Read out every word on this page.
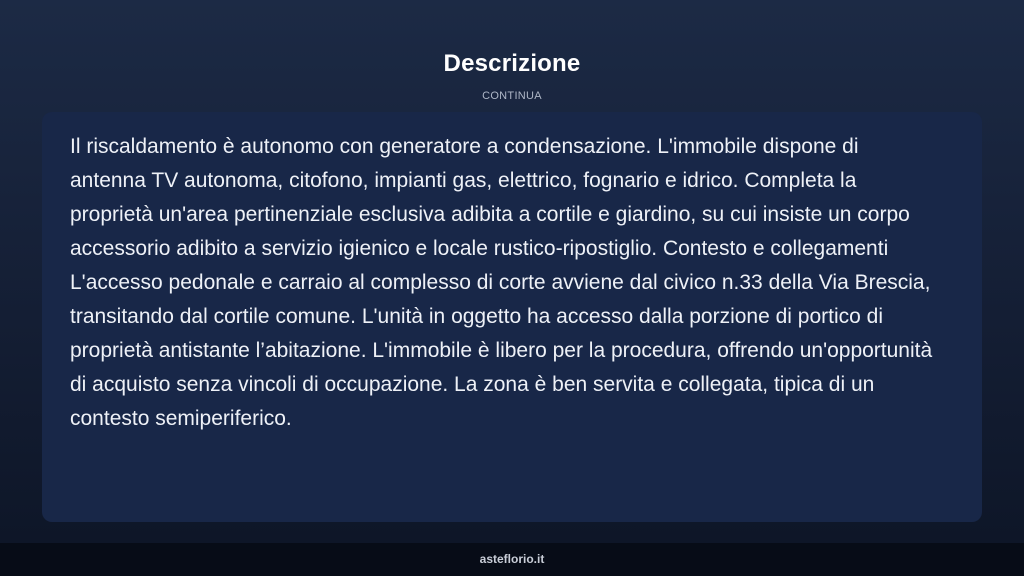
Descrizione
CONTINUA

Il riscaldamento è autonomo con generatore a condensazione. L'immobile dispone di antenna TV autonoma, citofono, impianti gas, elettrico, fognario e idrico. Completa la proprietà un'area pertinenziale esclusiva adibita a cortile e giardino, su cui insiste un corpo accessorio adibito a servizio igienico e locale rustico-ripostiglio. Contesto e collegamenti L'accesso pedonale e carraio al complesso di corte avviene dal civico n.33 della Via Brescia, transitando dal cortile comune. L'unità in oggetto ha accesso dalla porzione di portico di proprietà antistante l’abitazione. L'immobile è libero per la procedura, offrendo un'opportunità di acquisto senza vincoli di occupazione. La zona è ben servita e collegata, tipica di un contesto semiperiferico.

asteflorio.it
